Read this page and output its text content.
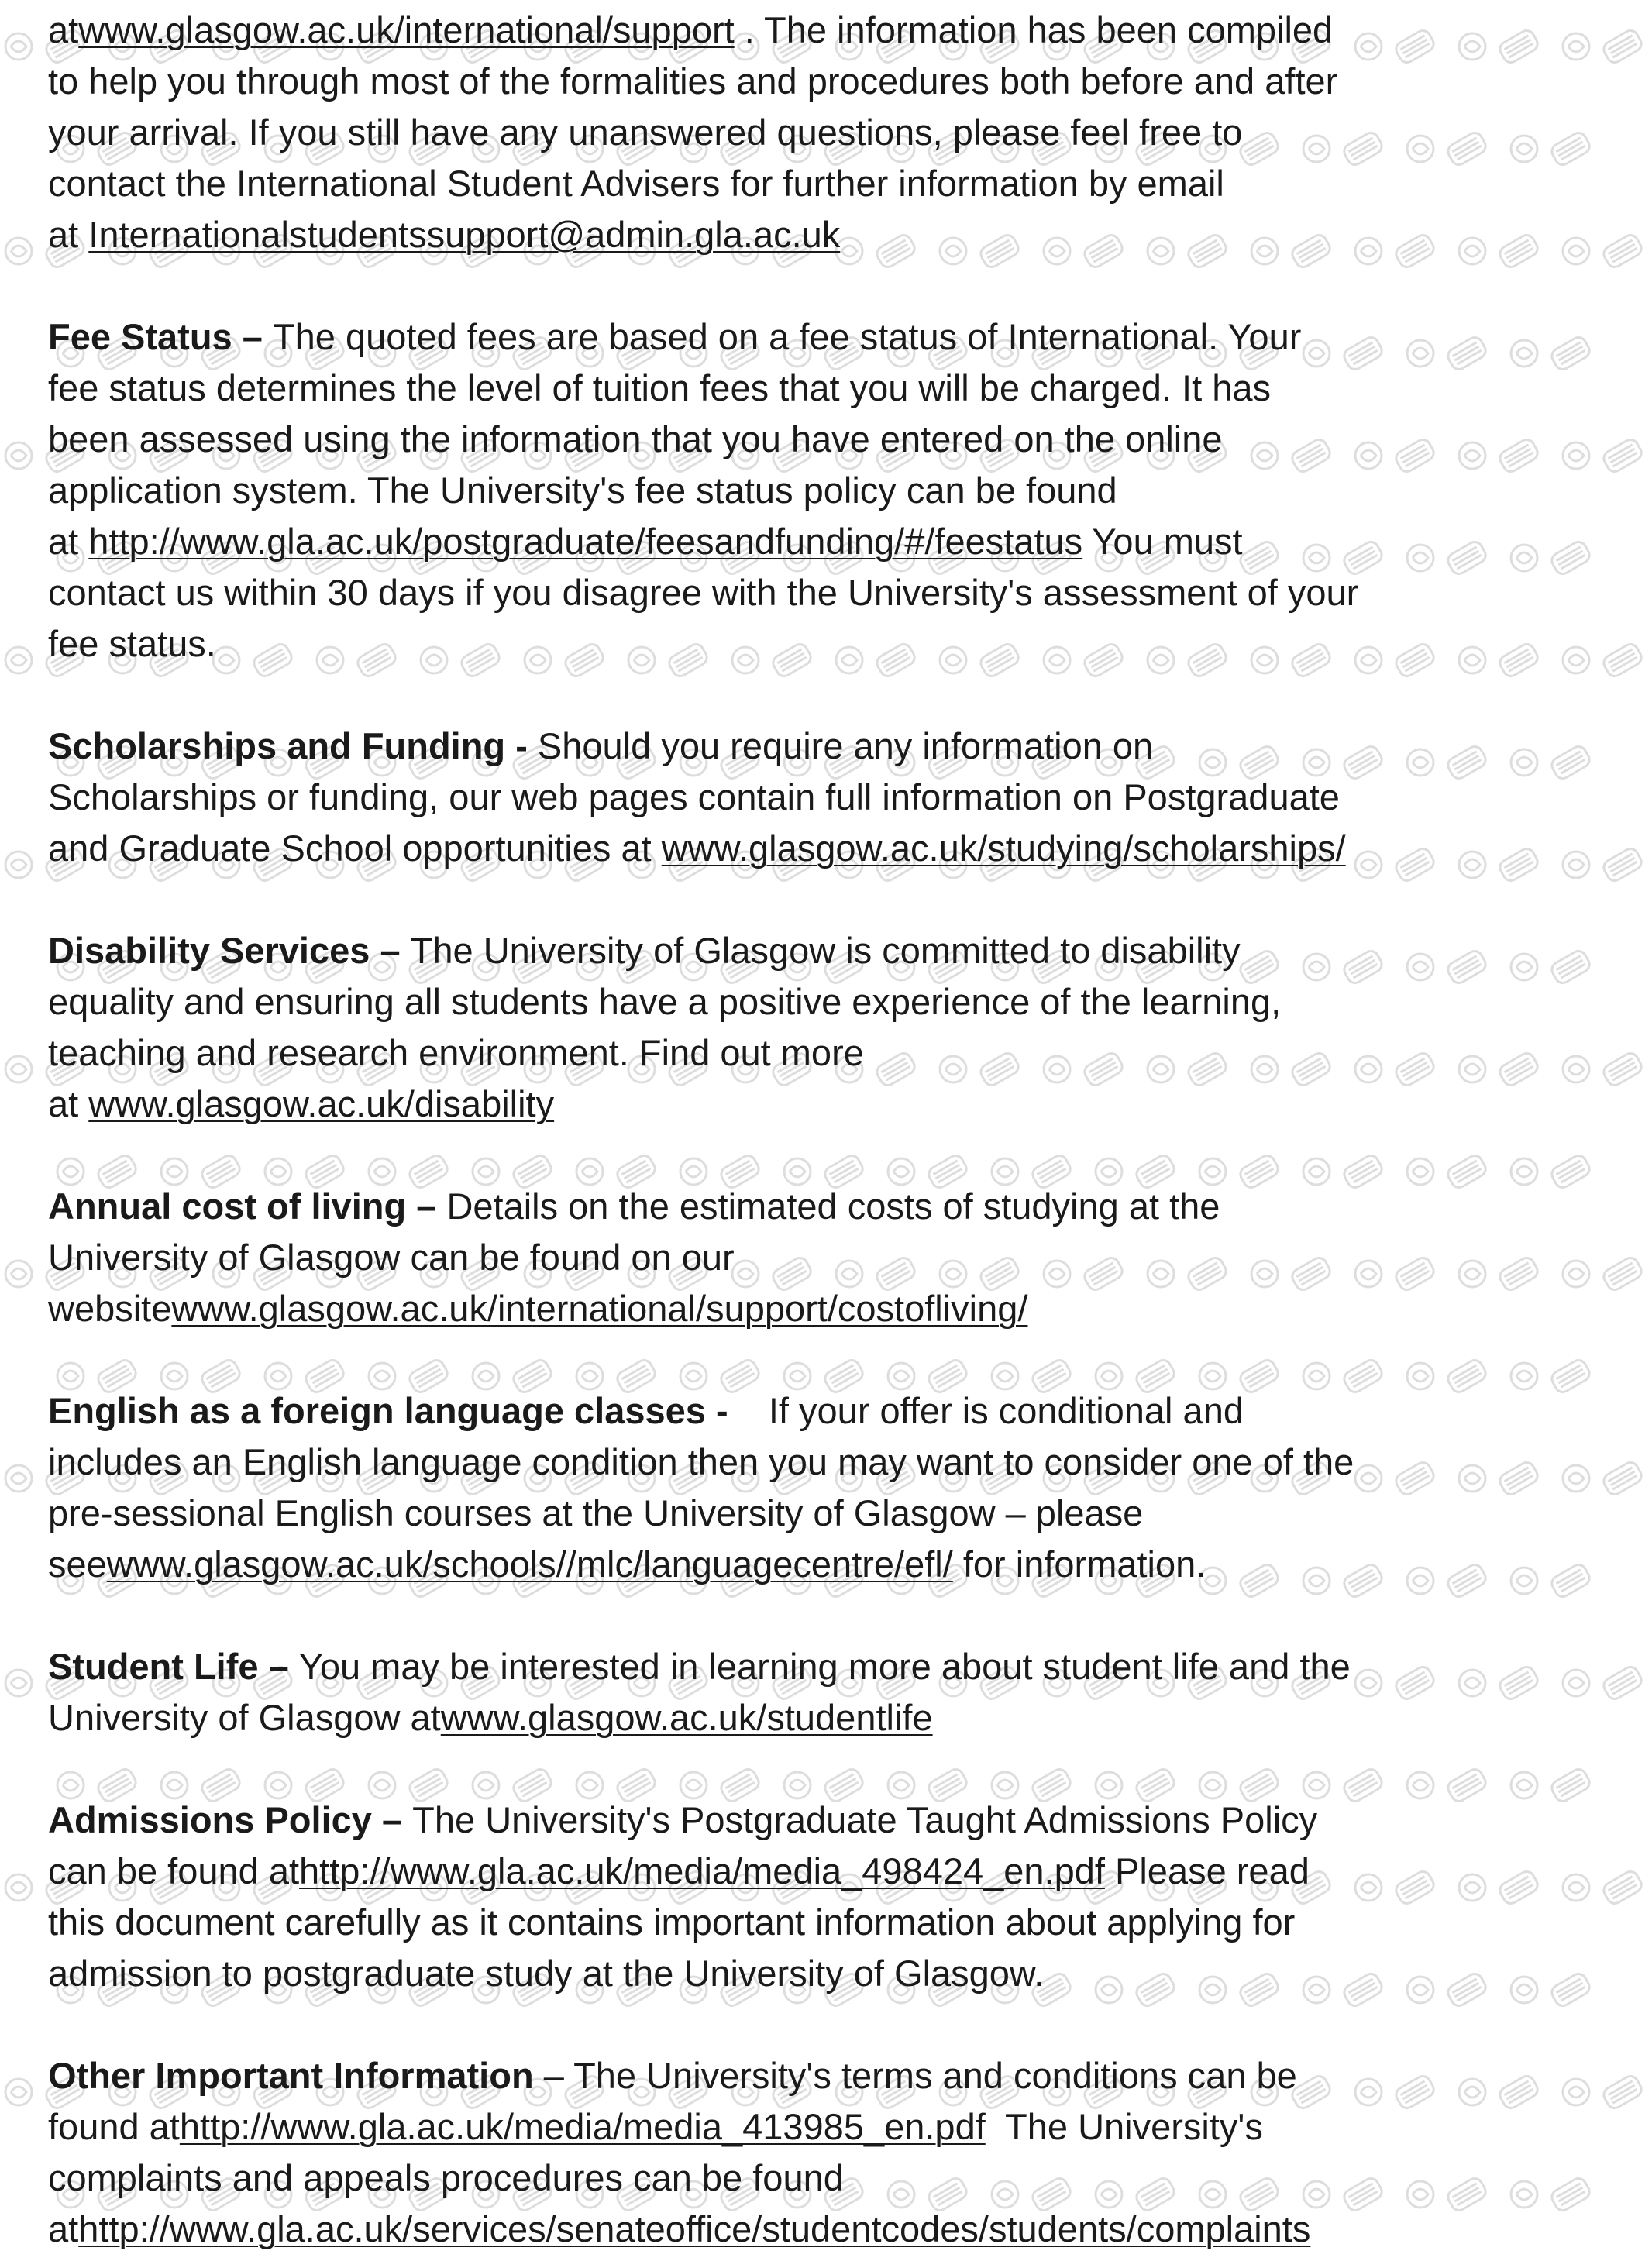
atwww.glasgow.ac.uk/international/support . The information has been compiled
to help you through most of the formalities and procedures both before and after
your arrival. If you still have any unanswered questions, please feel free to
contact the International Student Advisers for further information by email
at Internationalstudentssupport@admin.gla.ac.uk
Fee Status – The quoted fees are based on a fee status of International. Your
fee status determines the level of tuition fees that you will be charged. It has
been assessed using the information that you have entered on the online
application system. The University's fee status policy can be found
at http://www.gla.ac.uk/postgraduate/feesandfunding/#/feestatus You must
contact us within 30 days if you disagree with the University's assessment of your
fee status.
Scholarships and Funding - Should you require any information on
Scholarships or funding, our web pages contain full information on Postgraduate
and Graduate School opportunities at www.glasgow.ac.uk/studying/scholarships/
Disability Services – The University of Glasgow is committed to disability
equality and ensuring all students have a positive experience of the learning,
teaching and research environment. Find out more
at www.glasgow.ac.uk/disability
Annual cost of living – Details on the estimated costs of studying at the
University of Glasgow can be found on our
websitewww.glasgow.ac.uk/international/support/costofliving/
English as a foreign language classes -    If your offer is conditional and
includes an English language condition then you may want to consider one of the
pre-sessional English courses at the University of Glasgow – please
seewww.glasgow.ac.uk/schools//mlc/languagecentre/efl/ for information.
Student Life – You may be interested in learning more about student life and the
University of Glasgow atwww.glasgow.ac.uk/studentlife
Admissions Policy – The University's Postgraduate Taught Admissions Policy
can be found athttp://www.gla.ac.uk/media/media_498424_en.pdf Please read
this document carefully as it contains important information about applying for
admission to postgraduate study at the University of Glasgow.
Other Important Information – The University's terms and conditions can be
found athttp://www.gla.ac.uk/media/media_413985_en.pdf  The University's
complaints and appeals procedures can be found
athttp://www.gla.ac.uk/services/senateoffice/studentcodes/students/complaints
